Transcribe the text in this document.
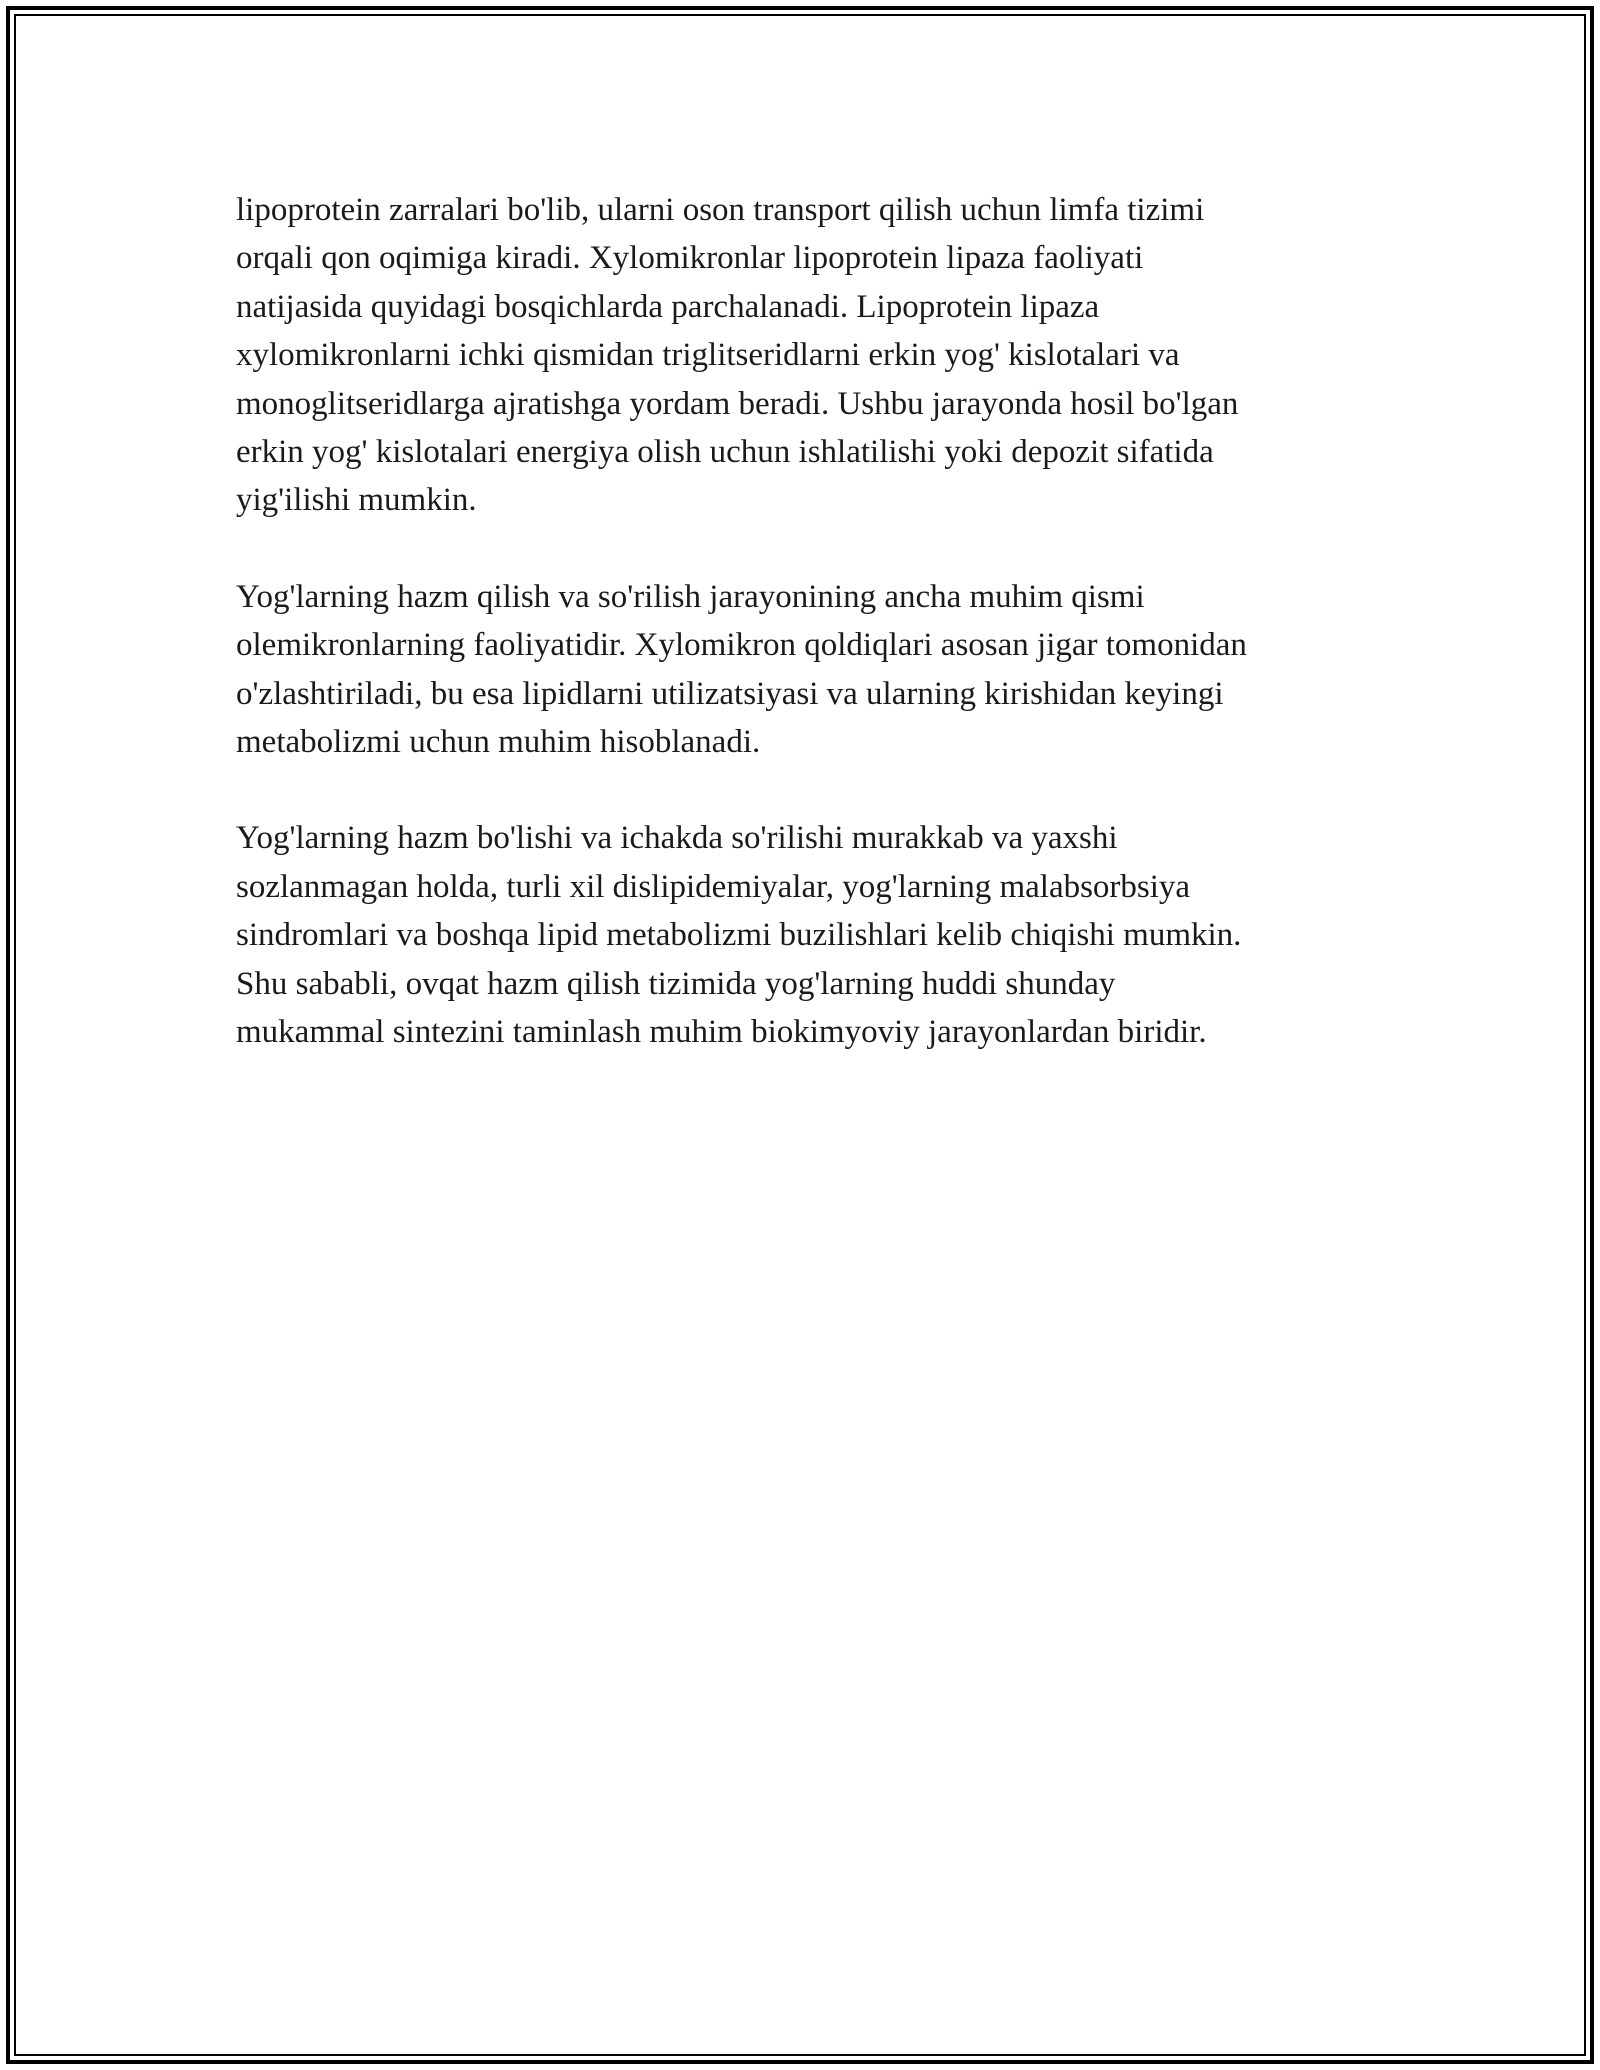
lipoprotein zarralari bo'lib, ularni oson transport qilish uchun limfa tizimi
orqali qon oqimiga kiradi. Xylomikronlar lipoprotein lipaza faoliyati
natijasida quyidagi bosqichlarda parchalanadi. Lipoprotein lipaza
xylomikronlarni ichki qismidan triglitseridlarni erkin yog' kislotalari va
monoglitseridlarga ajratishga yordam beradi. Ushbu jarayonda hosil bo'lgan
erkin yog' kislotalari energiya olish uchun ishlatilishi yoki depozit sifatida
yig'ilishi mumkin.

Yog'larning hazm qilish va so'rilish jarayonining ancha muhim qismi
olemikronlarning faoliyatidir. Xylomikron qoldiqlari asosan jigar tomonidan
o'zlashtiriladi, bu esa lipidlarni utilizatsiyasi va ularning kirishidan keyingi
metabolizmi uchun muhim hisoblanadi.

Yog'larning hazm bo'lishi va ichakda so'rilishi murakkab va yaxshi
sozlanmagan holda, turli xil dislipidemiyalar, yog'larning malabsorbsiya
sindromlari va boshqa lipid metabolizmi buzilishlari kelib chiqishi mumkin.
Shu sababli, ovqat hazm qilish tizimida yog'larning huddi shunday
mukammal sintezini taminlash muhim biokimyoviy jarayonlardan biridir.
